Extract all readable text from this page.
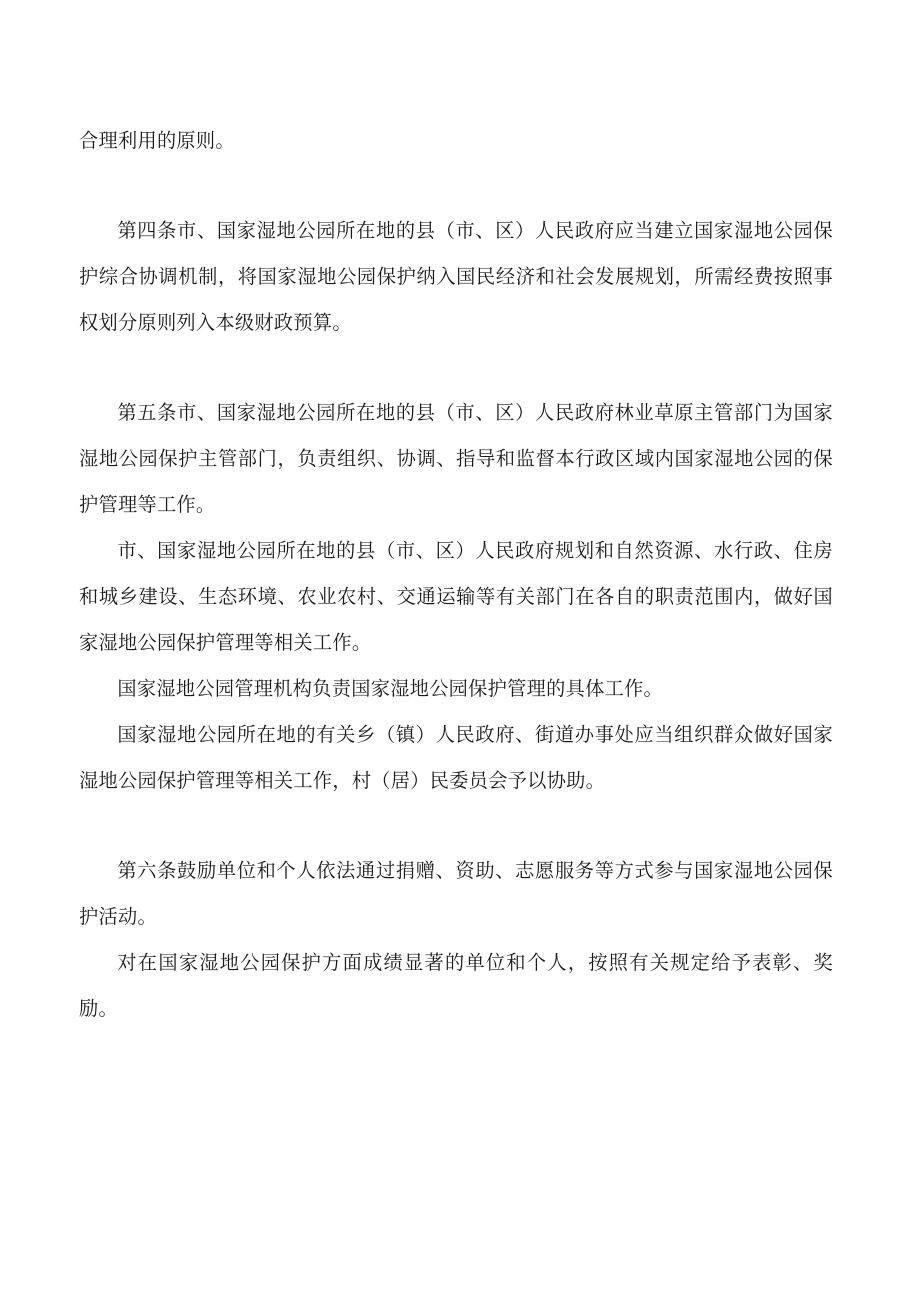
合理利用的原则。

第四条市、国家湿地公园所在地的县（市、区）人民政府应当建立国家湿地公园保护综合协调机制，将国家湿地公园保护纳入国民经济和社会发展规划，所需经费按照事权划分原则列入本级财政预算。

第五条市、国家湿地公园所在地的县（市、区）人民政府林业草原主管部门为国家湿地公园保护主管部门，负责组织、协调、指导和监督本行政区域内国家湿地公园的保护管理等工作。

市、国家湿地公园所在地的县（市、区）人民政府规划和自然资源、水行政、住房和城乡建设、生态环境、农业农村、交通运输等有关部门在各自的职责范围内，做好国家湿地公园保护管理等相关工作。

国家湿地公园管理机构负责国家湿地公园保护管理的具体工作。

国家湿地公园所在地的有关乡（镇）人民政府、街道办事处应当组织群众做好国家湿地公园保护管理等相关工作，村（居）民委员会予以协助。

第六条鼓励单位和个人依法通过捐赠、资助、志愿服务等方式参与国家湿地公园保护活动。

对在国家湿地公园保护方面成绩显著的单位和个人，按照有关规定给予表彰、奖励。
